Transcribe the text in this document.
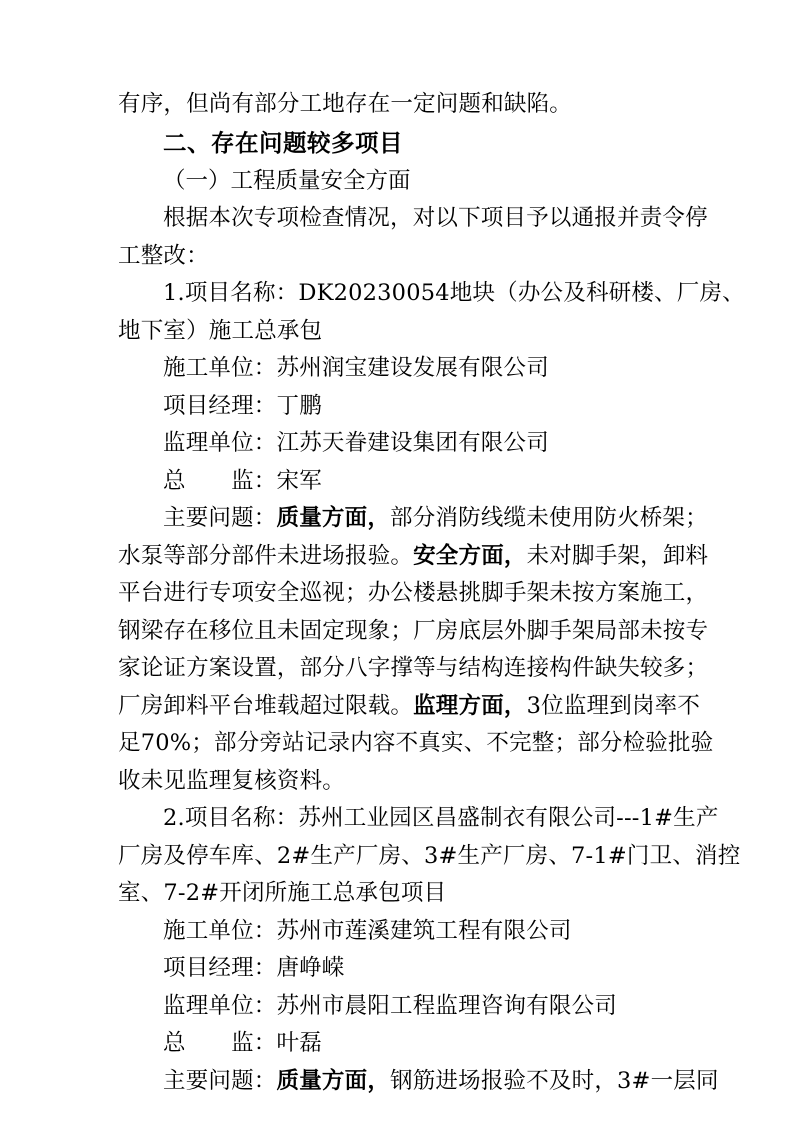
有序，但尚有部分工地存在一定问题和缺陷。
二、存在问题较多项目
（一）工程质量安全方面
根据本次专项检查情况，对以下项目予以通报并责令停
工整改：
1.项目名称：DK20230054地块（办公及科研楼、厂房、
地下室）施工总承包
施工单位：苏州润宝建设发展有限公司
项目经理：丁鹏
监理单位：江苏天眷建设集团有限公司
总　　监：宋军
主要问题：质量方面，部分消防线缆未使用防火桥架；
水泵等部分部件未进场报验。安全方面，未对脚手架，卸料
平台进行专项安全巡视；办公楼悬挑脚手架未按方案施工，
钢梁存在移位且未固定现象；厂房底层外脚手架局部未按专
家论证方案设置，部分八字撑等与结构连接构件缺失较多；
厂房卸料平台堆载超过限载。监理方面，3位监理到岗率不
足70%；部分旁站记录内容不真实、不完整；部分检验批验
收未见监理复核资料。
2.项目名称：苏州工业园区昌盛制衣有限公司---1#生产
厂房及停车库、2#生产厂房、3#生产厂房、7-1#门卫、消控
室、7-2#开闭所施工总承包项目
施工单位：苏州市莲溪建筑工程有限公司
项目经理：唐峥嵘
监理单位：苏州市晨阳工程监理咨询有限公司
总　　监：叶磊
主要问题：质量方面，钢筋进场报验不及时，3#一层同
